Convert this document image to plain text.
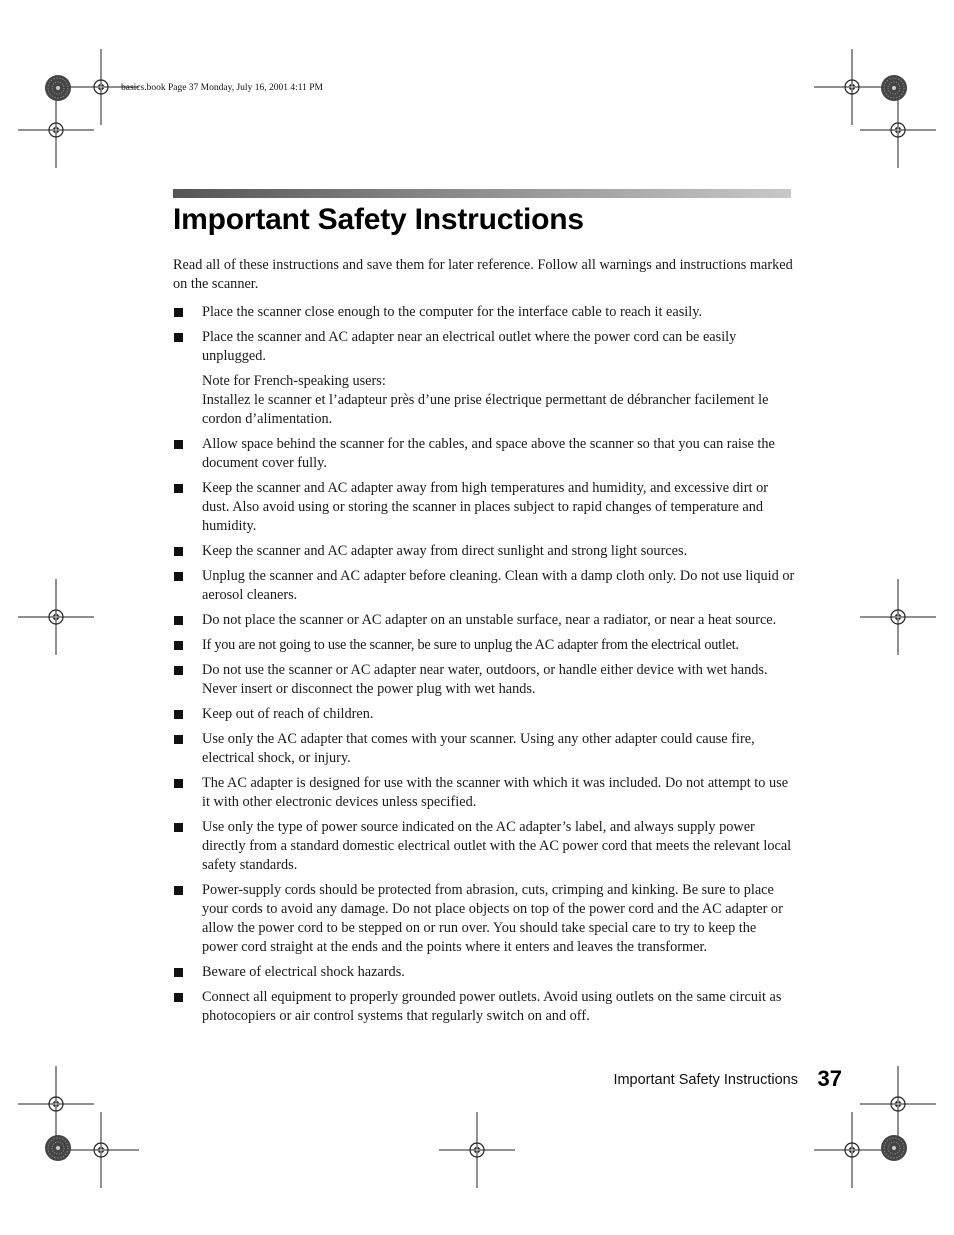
basics.book Page 37 Monday, July 16, 2001 4:11 PM
Important Safety Instructions

Read all of these instructions and save them for later reference. Follow all warnings and instructions marked on the scanner.

Place the scanner close enough to the computer for the interface cable to reach it easily.
Place the scanner and AC adapter near an electrical outlet where the power cord can be easily unplugged.
Note for French-speaking users:
Installez le scanner et l’adapteur près d’une prise électrique permettant de débrancher facilement le cordon d’alimentation.
Allow space behind the scanner for the cables, and space above the scanner so that you can raise the document cover fully.
Keep the scanner and AC adapter away from high temperatures and humidity, and excessive dirt or dust. Also avoid using or storing the scanner in places subject to rapid changes of temperature and humidity.
Keep the scanner and AC adapter away from direct sunlight and strong light sources.
Unplug the scanner and AC adapter before cleaning. Clean with a damp cloth only. Do not use liquid or aerosol cleaners.
Do not place the scanner or AC adapter on an unstable surface, near a radiator, or near a heat source.
If you are not going to use the scanner, be sure to unplug the AC adapter from the electrical outlet.
Do not use the scanner or AC adapter near water, outdoors, or handle either device with wet hands. Never insert or disconnect the power plug with wet hands.
Keep out of reach of children.
Use only the AC adapter that comes with your scanner. Using any other adapter could cause fire, electrical shock, or injury.
The AC adapter is designed for use with the scanner with which it was included. Do not attempt to use it with other electronic devices unless specified.
Use only the type of power source indicated on the AC adapter’s label, and always supply power directly from a standard domestic electrical outlet with the AC power cord that meets the relevant local safety standards.
Power-supply cords should be protected from abrasion, cuts, crimping and kinking. Be sure to place your cords to avoid any damage. Do not place objects on top of the power cord and the AC adapter or allow the power cord to be stepped on or run over. You should take special care to try to keep the power cord straight at the ends and the points where it enters and leaves the transformer.
Beware of electrical shock hazards.
Connect all equipment to properly grounded power outlets. Avoid using outlets on the same circuit as photocopiers or air control systems that regularly switch on and off.
Important Safety Instructions 37
